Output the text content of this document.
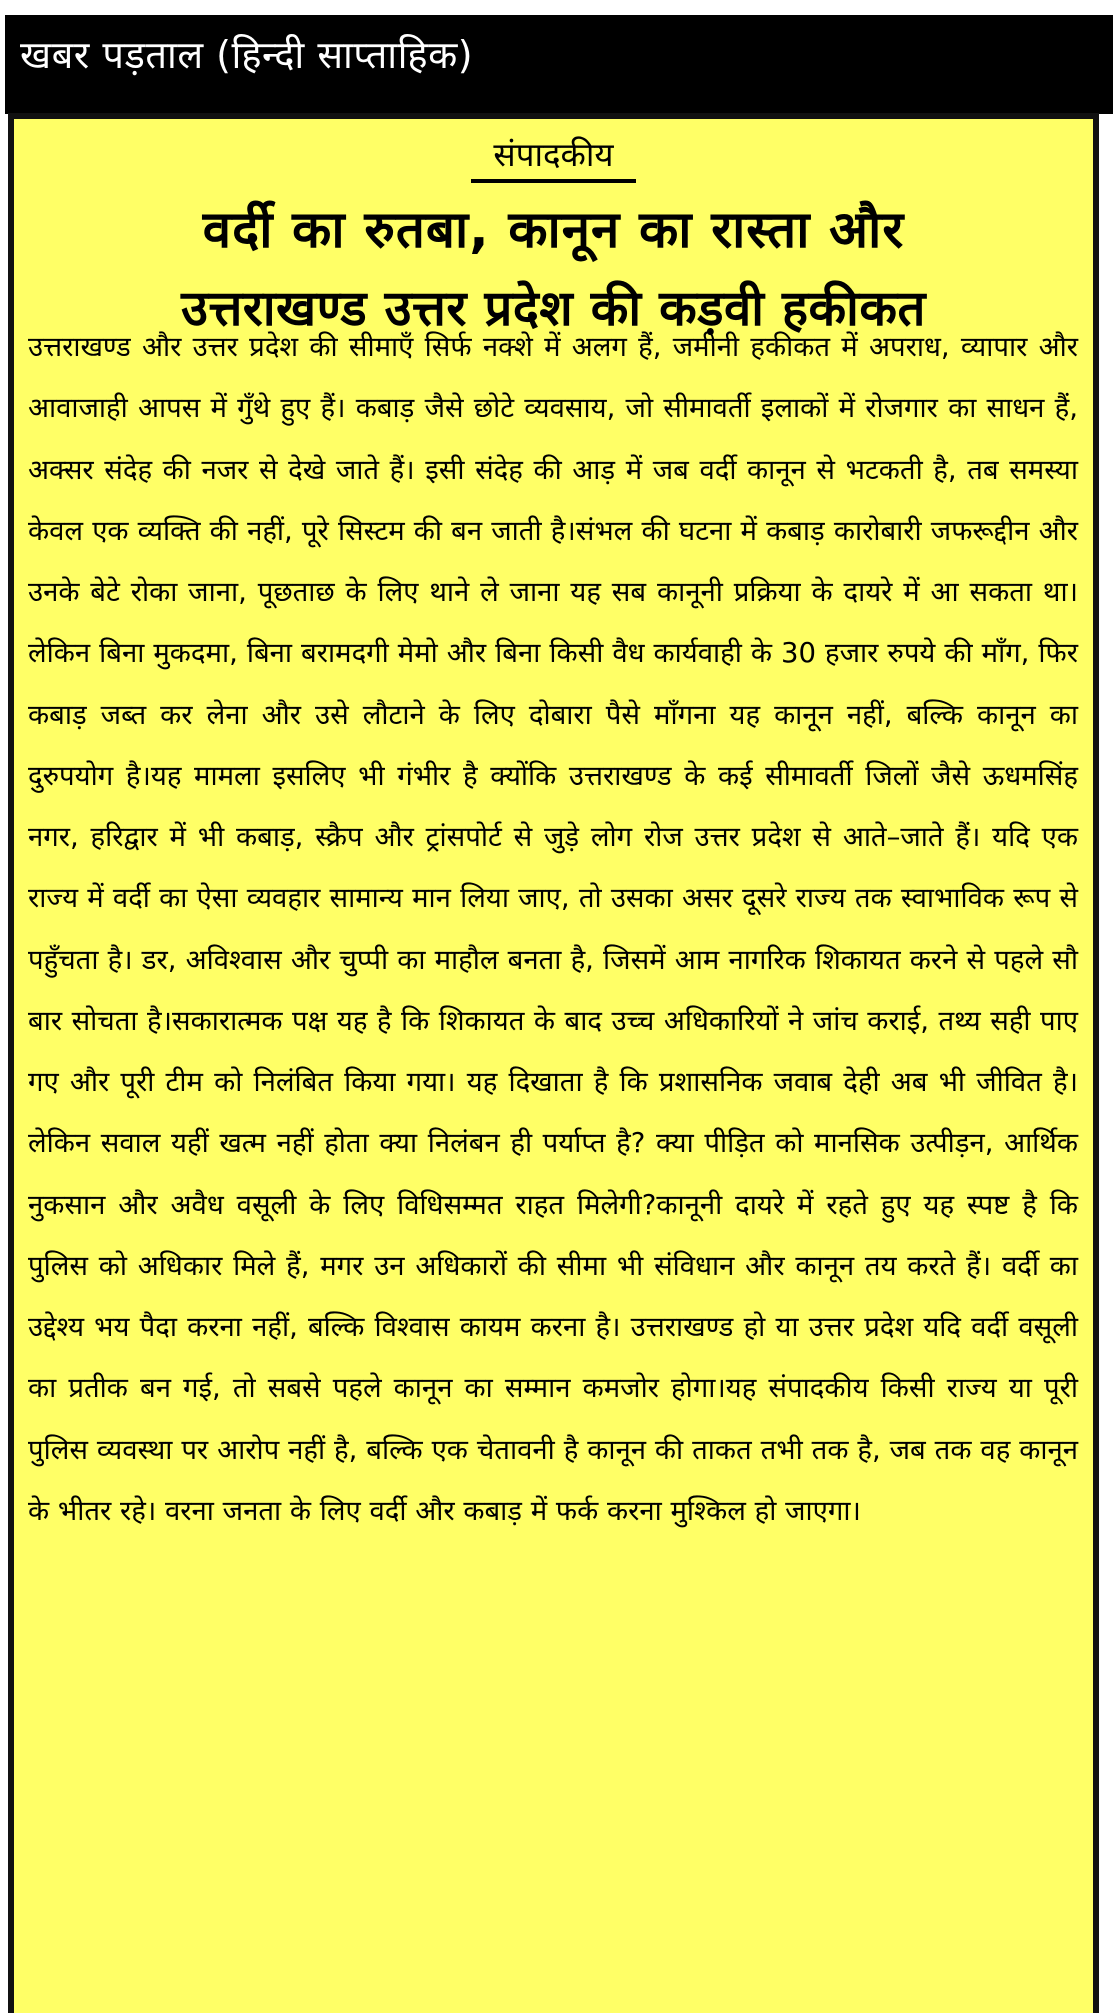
खबर पड़ताल (हिन्दी साप्ताहिक)
संपादकीय
वर्दी का रुतबा, कानून का रास्ता और
उत्तराखण्ड उत्तर प्रदेश की कड़वी हकीकत

उत्तराखण्ड और उत्तर प्रदेश की सीमाएँ सिर्फ नक्शे में अलग हैं, जमीनी हकीकत में अपराध, व्यापार और आवाजाही आपस में गुँथे हुए हैं। कबाड़ जैसे छोटे व्यवसाय, जो सीमावर्ती इलाकों में रोजगार का साधन हैं, अक्सर संदेह की नजर से देखे जाते हैं। इसी संदेह की आड़ में जब वर्दी कानून से भटकती है, तब समस्या केवल एक व्यक्ति की नहीं, पूरे सिस्टम की बन जाती है।संभल की घटना में कबाड़ कारोबारी जफरूद्दीन और उनके बेटे रोका जाना, पूछताछ के लिए थाने ले जाना यह सब कानूनी प्रक्रिया के दायरे में आ सकता था। लेकिन बिना मुकदमा, बिना बरामदगी मेमो और बिना किसी वैध कार्यवाही के 30 हजार रुपये की माँग, फिर कबाड़ जब्त कर लेना और उसे लौटाने के लिए दोबारा पैसे माँगना यह कानून नहीं, बल्कि कानून का दुरुपयोग है।यह मामला इसलिए भी गंभीर है क्योंकि उत्तराखण्ड के कई सीमावर्ती जिलों जैसे ऊधमसिंह नगर, हरिद्वार में भी कबाड़, स्क्रैप और ट्रांसपोर्ट से जुड़े लोग रोज उत्तर प्रदेश से आते–जाते हैं। यदि एक राज्य में वर्दी का ऐसा व्यवहार सामान्य मान लिया जाए, तो उसका असर दूसरे राज्य तक स्वाभाविक रूप से पहुँचता है। डर, अविश्वास और चुप्पी का माहौल बनता है, जिसमें आम नागरिक शिकायत करने से पहले सौ बार सोचता है।सकारात्मक पक्ष यह है कि शिकायत के बाद उच्च अधिकारियों ने जांच कराई, तथ्य सही पाए गए और पूरी टीम को निलंबित किया गया। यह दिखाता है कि प्रशासनिक जवाब देही अब भी जीवित है। लेकिन सवाल यहीं खत्म नहीं होता क्या निलंबन ही पर्याप्त है? क्या पीड़ित को मानसिक उत्पीड़न, आर्थिक नुकसान और अवैध वसूली के लिए विधिसम्मत राहत मिलेगी?कानूनी दायरे में रहते हुए यह स्पष्ट है कि पुलिस को अधिकार मिले हैं, मगर उन अधिकारों की सीमा भी संविधान और कानून तय करते हैं। वर्दी का उद्देश्य भय पैदा करना नहीं, बल्कि विश्वास कायम करना है। उत्तराखण्ड हो या उत्तर प्रदेश यदि वर्दी वसूली का प्रतीक बन गई, तो सबसे पहले कानून का सम्मान कमजोर होगा।यह संपादकीय किसी राज्य या पूरी पुलिस व्यवस्था पर आरोप नहीं है, बल्कि एक चेतावनी है कानून की ताकत तभी तक है, जब तक वह कानून के भीतर रहे। वरना जनता के लिए वर्दी और कबाड़ में फर्क करना मुश्किल हो जाएगा।
